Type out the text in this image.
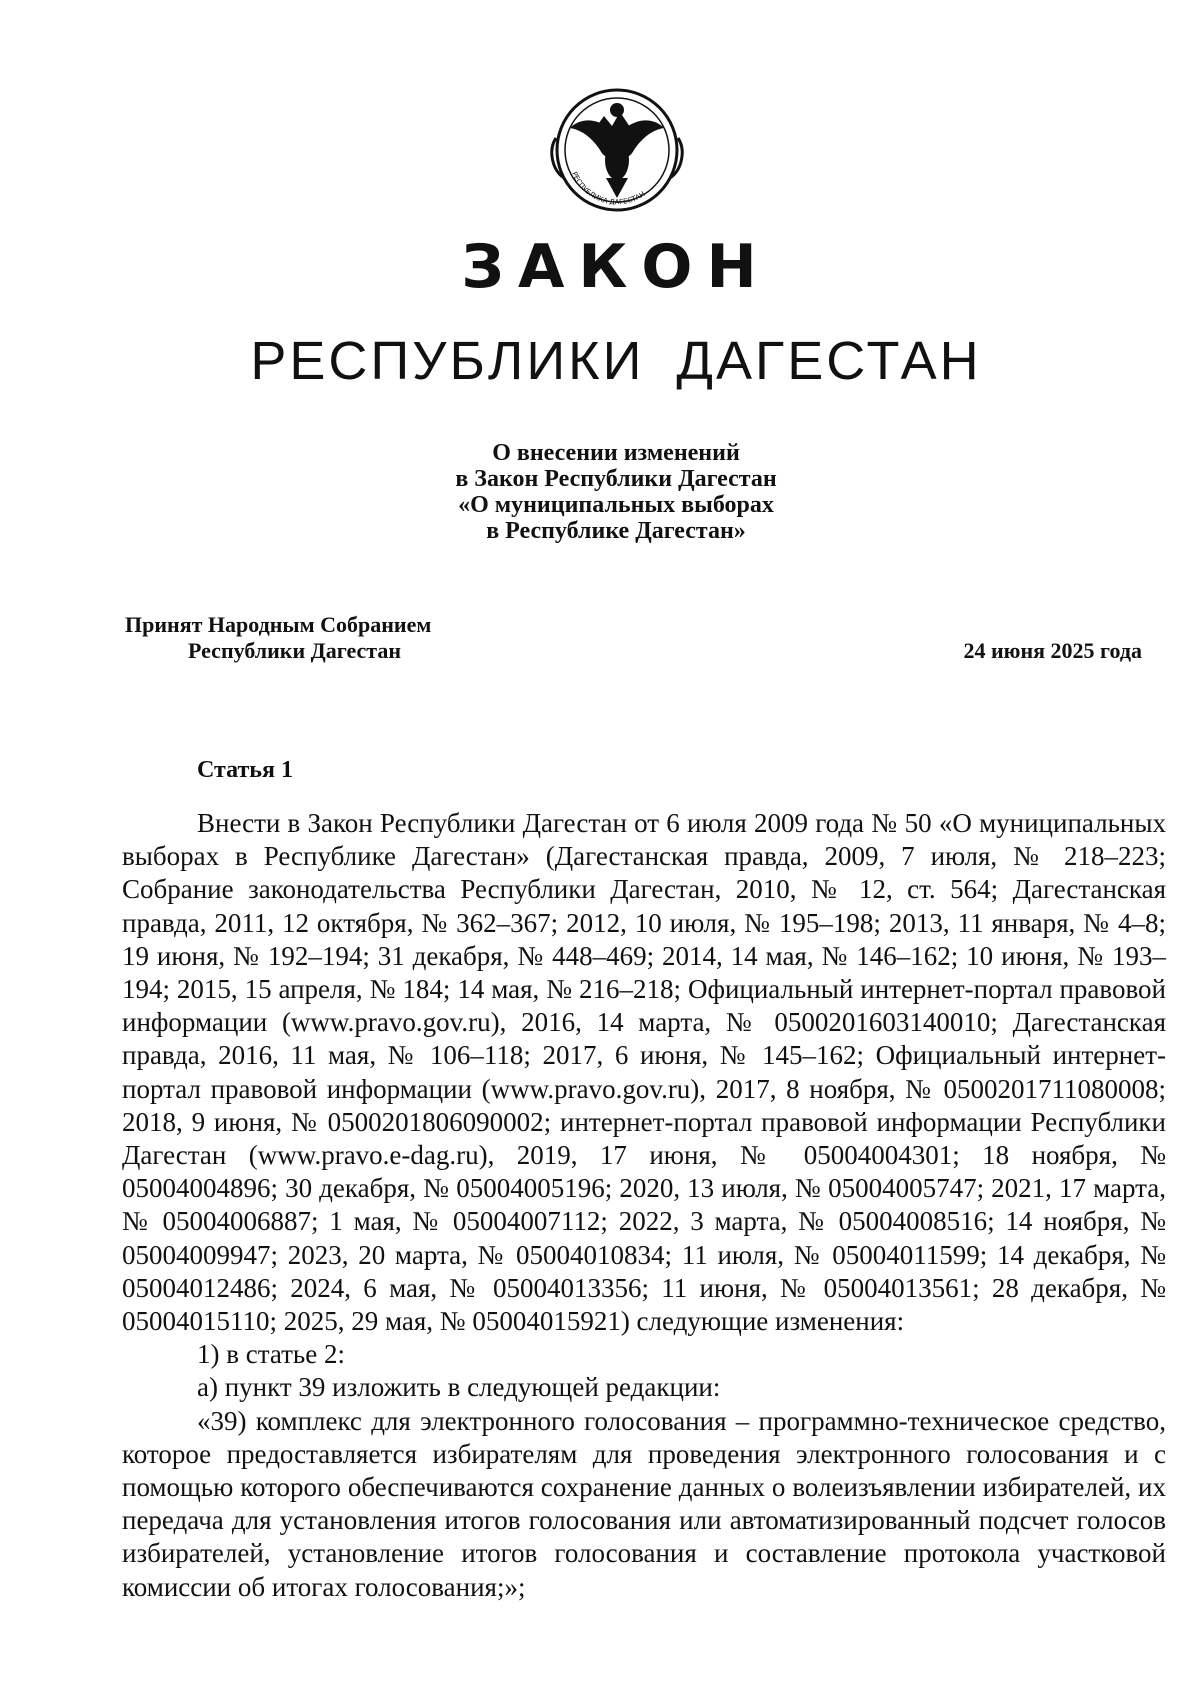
РЕСПУБЛИКА ДАГЕСТАН
ЗАКОН
РЕСПУБЛИКИ ДАГЕСТАН
О внесении изменений
в Закон Республики Дагестан
«О муниципальных выборах
в Республике Дагестан»
Принят Народным Собранием
Республики Дагестан	24 июня 2025 года
Статья 1

Внести в Закон Республики Дагестан от 6 июля 2009 года № 50 «О муниципальных выборах в Республике Дагестан» (Дагестанская правда, 2009, 7 июля, № 218–223; Собрание законодательства Республики Дагестан, 2010, № 12, ст. 564; Дагестанская правда, 2011, 12 октября, № 362–367; 2012, 10 июля, № 195–198; 2013, 11 января, № 4–8; 19 июня, № 192–194; 31 декабря, № 448–469; 2014, 14 мая, № 146–162; 10 июня, № 193–194; 2015, 15 апреля, № 184; 14 мая, № 216–218; Официальный интернет-портал правовой информации (www.pravo.gov.ru), 2016, 14 марта, № 0500201603140010; Дагестанская правда, 2016, 11 мая, № 106–118; 2017, 6 июня, № 145–162; Официальный интернет-портал правовой информации (www.pravo.gov.ru), 2017, 8 ноября, № 0500201711080008; 2018, 9 июня, № 0500201806090002; интернет-портал правовой информации Республики Дагестан (www.pravo.e-dag.ru), 2019, 17 июня, № 05004004301; 18 ноября, № 05004004896; 30 декабря, № 05004005196; 2020, 13 июля, № 05004005747; 2021, 17 марта, № 05004006887; 1 мая, № 05004007112; 2022, 3 марта, № 05004008516; 14 ноября, № 05004009947; 2023, 20 марта, № 05004010834; 11 июля, № 05004011599; 14 декабря, № 05004012486; 2024, 6 мая, № 05004013356; 11 июня, № 05004013561; 28 декабря, № 05004015110; 2025, 29 мая, № 05004015921) следующие изменения:

1) в статье 2:

а) пункт 39 изложить в следующей редакции:

«39) комплекс для электронного голосования – программно-техническое средство, которое предоставляется избирателям для проведения электронного голосования и с помощью которого обеспечиваются сохранение данных о волеизъявлении избирателей, их передача для установления итогов голосования или автоматизированный подсчет голосов избирателей, установление итогов голосования и составление протокола участковой комиссии об итогах голосования;»;
